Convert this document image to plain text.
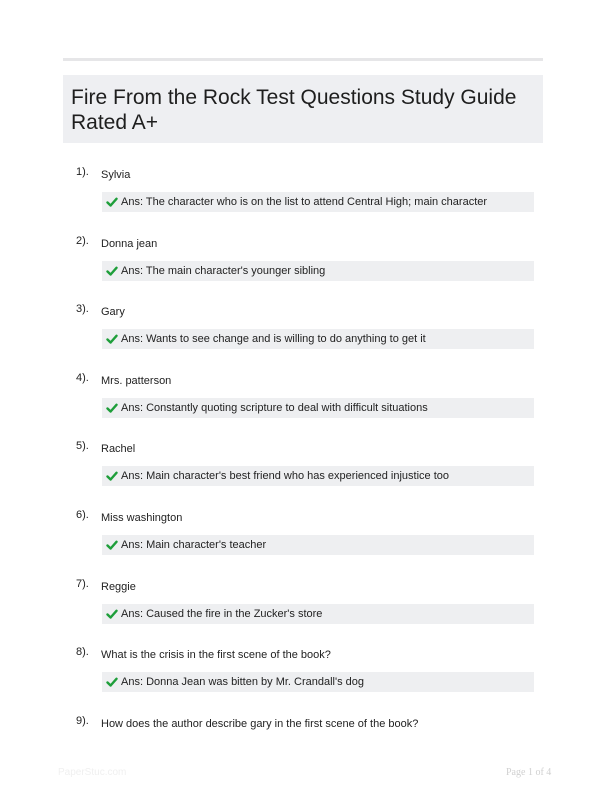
Fire From the Rock Test Questions Study Guide Rated A+
1). Sylvia
Ans: The character who is on the list to attend Central High; main character
2). Donna jean
Ans: The main character's younger sibling
3). Gary
Ans: Wants to see change and is willing to do anything to get it
4). Mrs. patterson
Ans: Constantly quoting scripture to deal with difficult situations
5). Rachel
Ans: Main character's best friend who has experienced injustice too
6). Miss washington
Ans: Main character's teacher
7). Reggie
Ans: Caused the fire in the Zucker's store
8). What is the crisis in the first scene of the book?
Ans: Donna Jean was bitten by Mr. Crandall's dog
9). How does the author describe gary in the first scene of the book?
PaperStuc.com	Page 1 of 4
